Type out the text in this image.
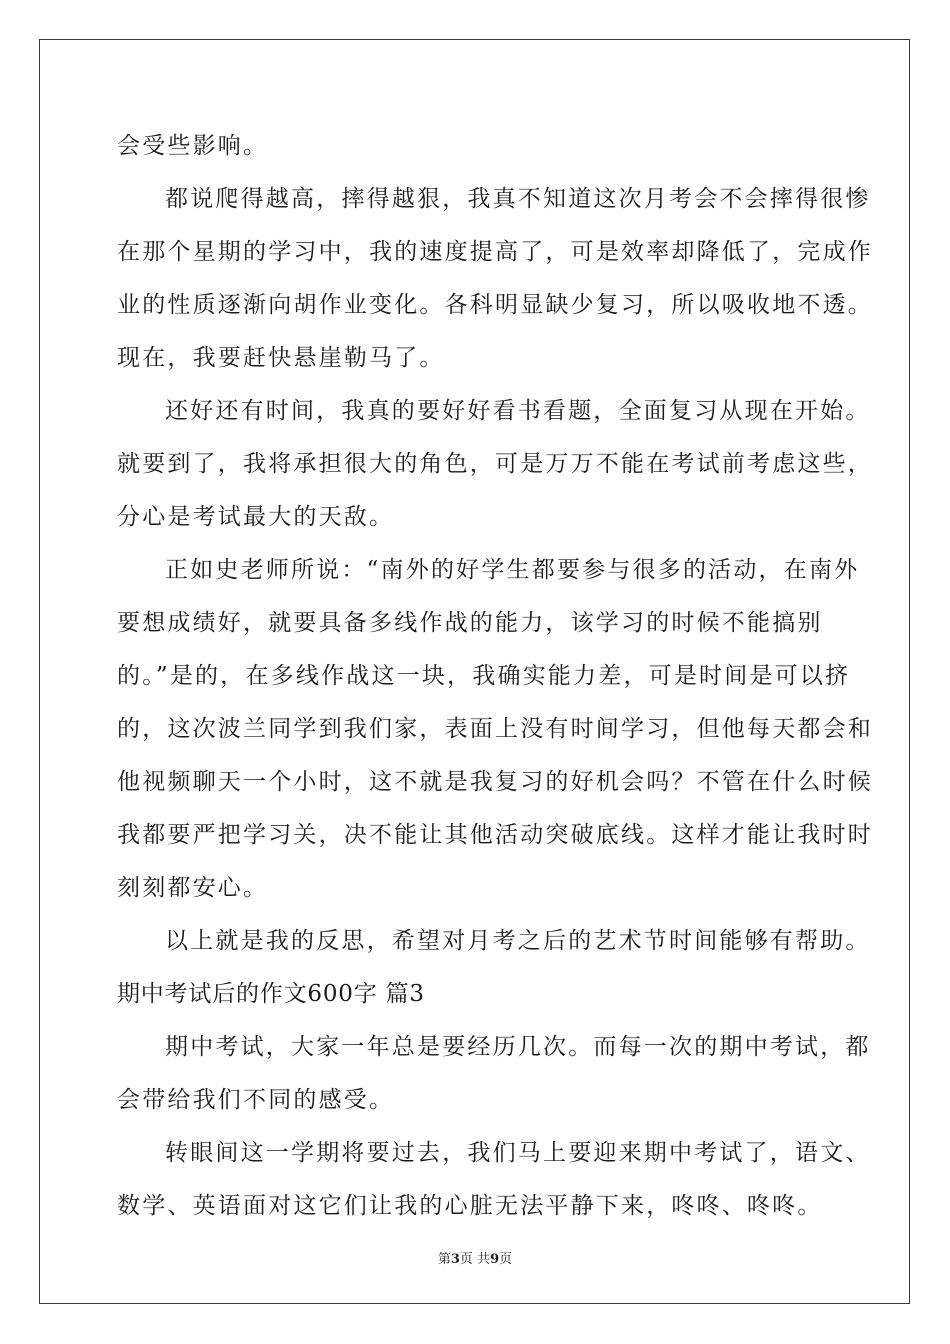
会受些影响。
都说爬得越高，摔得越狠，我真不知道这次月考会不会摔得很惨
在那个星期的学习中，我的速度提高了，可是效率却降低了，完成作
业的性质逐渐向胡作业变化。各科明显缺少复习，所以吸收地不透。
现在，我要赶快悬崖勒马了。
还好还有时间，我真的要好好看书看题，全面复习从现在开始。
就要到了，我将承担很大的角色，可是万万不能在考试前考虑这些，
分心是考试最大的天敌。
正如史老师所说：“南外的好学生都要参与很多的活动，在南外
要想成绩好，就要具备多线作战的能力，该学习的时候不能搞别
的。”是的，在多线作战这一块，我确实能力差，可是时间是可以挤
的，这次波兰同学到我们家，表面上没有时间学习，但他每天都会和
他视频聊天一个小时，这不就是我复习的好机会吗？不管在什么时候
我都要严把学习关，决不能让其他活动突破底线。这样才能让我时时
刻刻都安心。
以上就是我的反思，希望对月考之后的艺术节时间能够有帮助。
期中考试后的作文600字 篇3
期中考试，大家一年总是要经历几次。而每一次的期中考试，都
会带给我们不同的感受。
转眼间这一学期将要过去，我们马上要迎来期中考试了，语文、
数学、英语面对这它们让我的心脏无法平静下来，咚咚、咚咚。
第3页 共9页
